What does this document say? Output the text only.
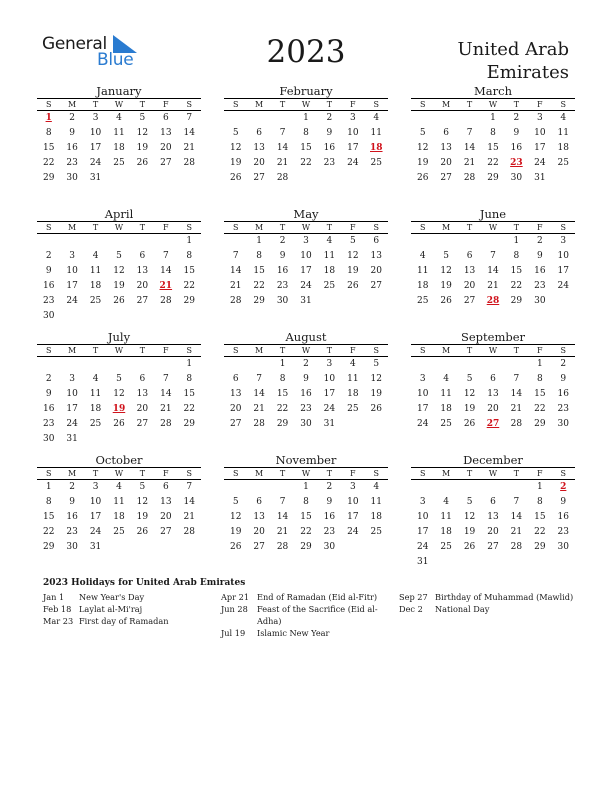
General
Blue	2023	United Arab
Emirates
January
S	M	T	W	T	F	S
1	2	3	4	5	6	7
8	9	10	11	12	13	14
15	16	17	18	19	20	21
22	23	24	25	26	27	28
29	30	31				
February
S	M	T	W	T	F	S
			1	2	3	4
5	6	7	8	9	10	11
12	13	14	15	16	17	18
19	20	21	22	23	24	25
26	27	28				
March
S	M	T	W	T	F	S
			1	2	3	4
5	6	7	8	9	10	11
12	13	14	15	16	17	18
19	20	21	22	23	24	25
26	27	28	29	30	31	
April
S	M	T	W	T	F	S
						1
2	3	4	5	6	7	8
9	10	11	12	13	14	15
16	17	18	19	20	21	22
23	24	25	26	27	28	29
30						
May
S	M	T	W	T	F	S
	1	2	3	4	5	6
7	8	9	10	11	12	13
14	15	16	17	18	19	20
21	22	23	24	25	26	27
28	29	30	31			
June
S	M	T	W	T	F	S
				1	2	3
4	5	6	7	8	9	10
11	12	13	14	15	16	17
18	19	20	21	22	23	24
25	26	27	28	29	30	
July
S	M	T	W	T	F	S
						1
2	3	4	5	6	7	8
9	10	11	12	13	14	15
16	17	18	19	20	21	22
23	24	25	26	27	28	29
30	31					
August
S	M	T	W	T	F	S
		1	2	3	4	5
6	7	8	9	10	11	12
13	14	15	16	17	18	19
20	21	22	23	24	25	26
27	28	29	30	31		
September
S	M	T	W	T	F	S
					1	2
3	4	5	6	7	8	9
10	11	12	13	14	15	16
17	18	19	20	21	22	23
24	25	26	27	28	29	30
October
S	M	T	W	T	F	S
1	2	3	4	5	6	7
8	9	10	11	12	13	14
15	16	17	18	19	20	21
22	23	24	25	26	27	28
29	30	31				
November
S	M	T	W	T	F	S
			1	2	3	4
5	6	7	8	9	10	11
12	13	14	15	16	17	18
19	20	21	22	23	24	25
26	27	28	29	30		
December
S	M	T	W	T	F	S
					1	2
3	4	5	6	7	8	9
10	11	12	13	14	15	16
17	18	19	20	21	22	23
24	25	26	27	28	29	30
31						
2023 Holidays for United Arab Emirates
Jan 1	New Year's Day
Feb 18 Laylat al-Mi'raj
Mar 23 First day of Ramadan
Apr 21 End of Ramadan (Eid al-Fitr)
Jun 28	Feast of the Sacrifice (Eid al-Adha)
Jul 19	Islamic New Year
Sep 27 Birthday of Muhammad (Mawlid)
Dec 2	National Day
